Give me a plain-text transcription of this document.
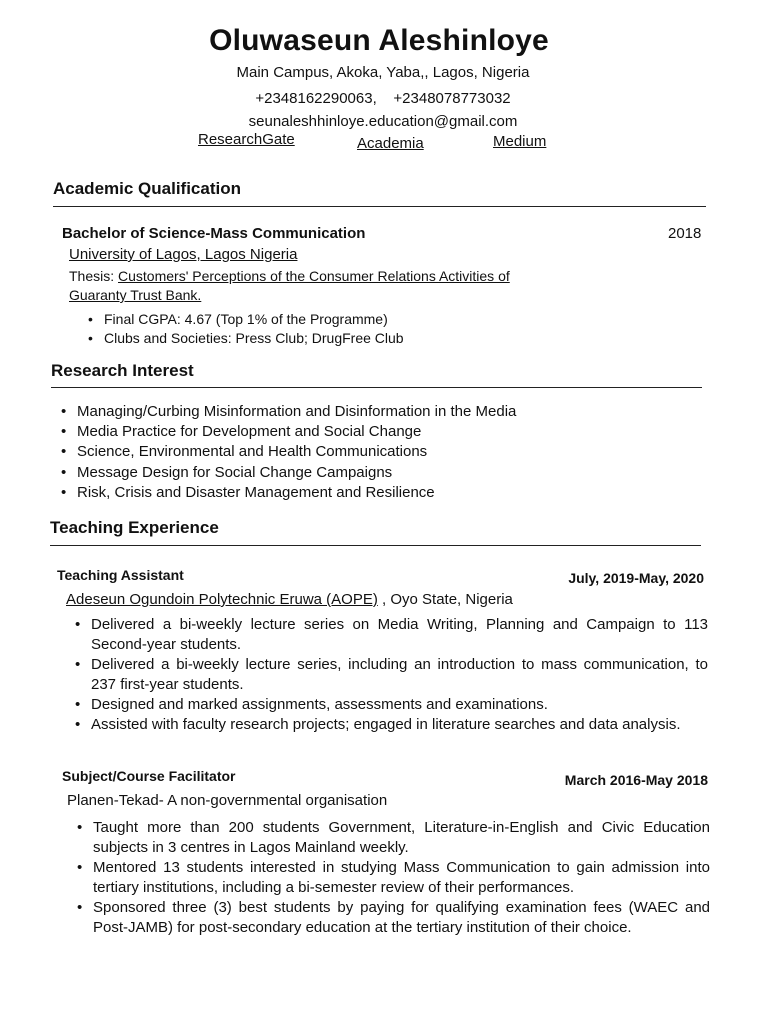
Oluwaseun Aleshinloye
Main Campus, Akoka, Yaba,, Lagos, Nigeria
+2348162290063, +2348078773032
seunaleshhinloye.education@gmail.com
ResearchGate	Academia	Medium
Academic Qualification
Bachelor of Science-Mass Communication	2018
University of Lagos, Lagos Nigeria
Thesis: Customers' Perceptions of the Consumer Relations Activities of
Guaranty Trust Bank.
• Final CGPA: 4.67 (Top 1% of the Programme)
• Clubs and Societies: Press Club; DrugFree Club
Research Interest
• Managing/Curbing Misinformation and Disinformation in the Media
• Media Practice for Development and Social Change
• Science, Environmental and Health Communications
• Message Design for Social Change Campaigns
• Risk, Crisis and Disaster Management and Resilience
Teaching Experience
Teaching Assistant	July, 2019-May, 2020
Adeseun Ogundoin Polytechnic Eruwa (AOPE) , Oyo State, Nigeria
• Delivered a bi-weekly lecture series on Media Writing, Planning and Campaign to 113 Second-year students.
• Delivered a bi-weekly lecture series, including an introduction to mass communication, to 237 first-year students.
• Designed and marked assignments, assessments and examinations.
• Assisted with faculty research projects; engaged in literature searches and data analysis.
Subject/Course Facilitator	March 2016-May 2018
Planen-Tekad- A non-governmental organisation
• Taught more than 200 students Government, Literature-in-English and Civic Education subjects in 3 centres in Lagos Mainland weekly.
• Mentored 13 students interested in studying Mass Communication to gain admission into tertiary institutions, including a bi-semester review of their performances.
• Sponsored three (3) best students by paying for qualifying examination fees (WAEC and Post-JAMB) for post-secondary education at the tertiary institution of their choice.
